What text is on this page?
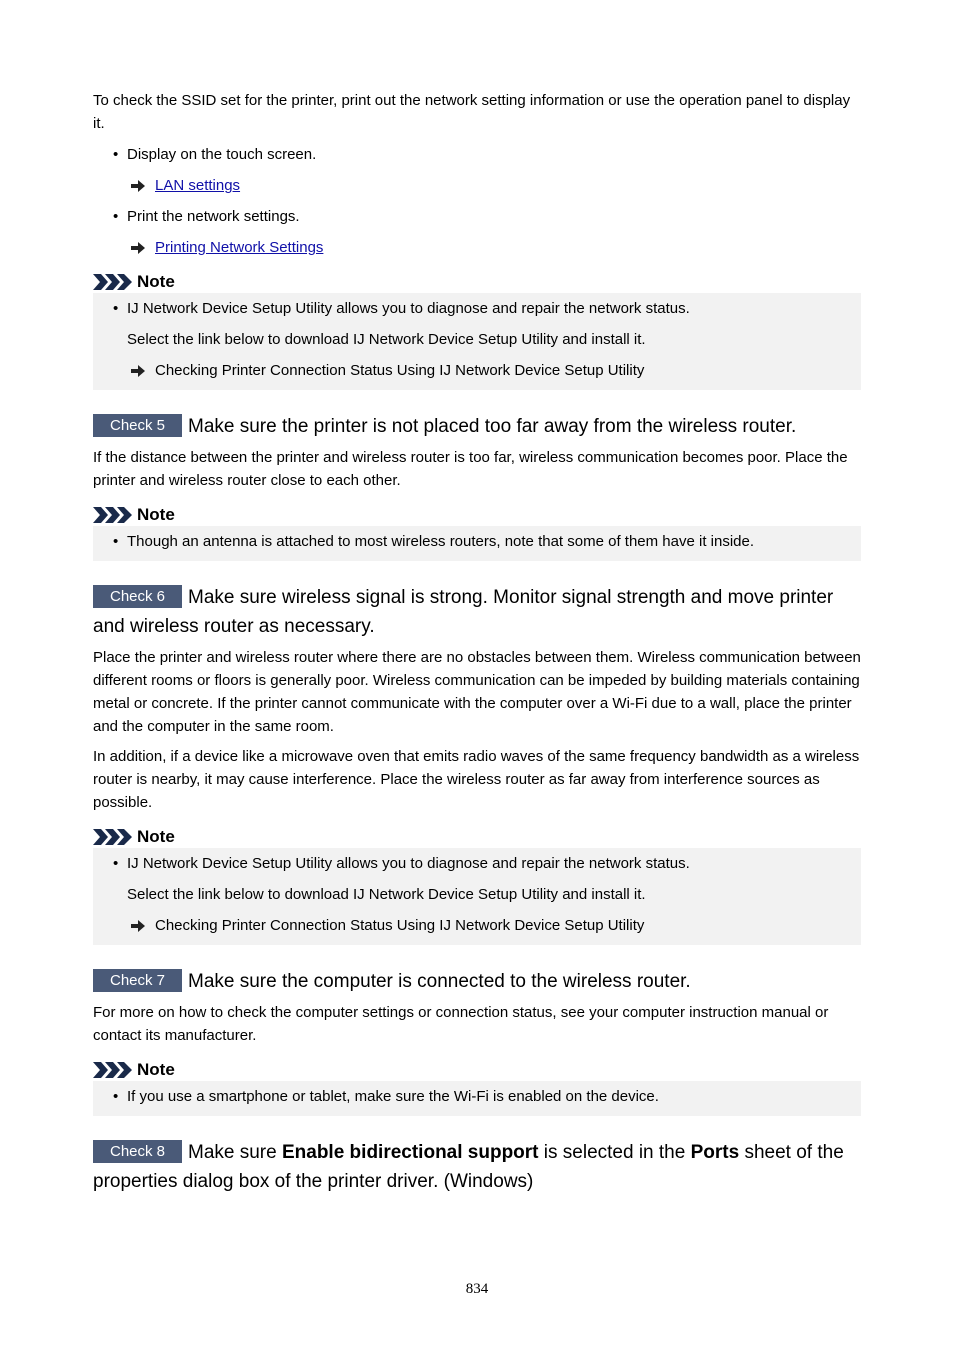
To check the SSID set for the printer, print out the network setting information or use the operation panel to display it.

• Display on the touch screen.
LAN settings
• Print the network settings.
Printing Network Settings
Note
• IJ Network Device Setup Utility allows you to diagnose and repair the network status.
Select the link below to download IJ Network Device Setup Utility and install it.
Checking Printer Connection Status Using IJ Network Device Setup Utility
Check 5 Make sure the printer is not placed too far away from the wireless router.

If the distance between the printer and wireless router is too far, wireless communication becomes poor. Place the printer and wireless router close to each other.

Note
• Though an antenna is attached to most wireless routers, note that some of them have it inside.
Check 6 Make sure wireless signal is strong. Monitor signal strength and move printer and wireless router as necessary.

Place the printer and wireless router where there are no obstacles between them. Wireless communication between different rooms or floors is generally poor. Wireless communication can be impeded by building materials containing metal or concrete. If the printer cannot communicate with the computer over a Wi-Fi due to a wall, place the printer and the computer in the same room.

In addition, if a device like a microwave oven that emits radio waves of the same frequency bandwidth as a wireless router is nearby, it may cause interference. Place the wireless router as far away from interference sources as possible.

Note
• IJ Network Device Setup Utility allows you to diagnose and repair the network status.
Select the link below to download IJ Network Device Setup Utility and install it.
Checking Printer Connection Status Using IJ Network Device Setup Utility
Check 7 Make sure the computer is connected to the wireless router.

For more on how to check the computer settings or connection status, see your computer instruction manual or contact its manufacturer.

Note
• If you use a smartphone or tablet, make sure the Wi-Fi is enabled on the device.
Check 8 Make sure Enable bidirectional support is selected in the Ports sheet of the properties dialog box of the printer driver. (Windows)
834
